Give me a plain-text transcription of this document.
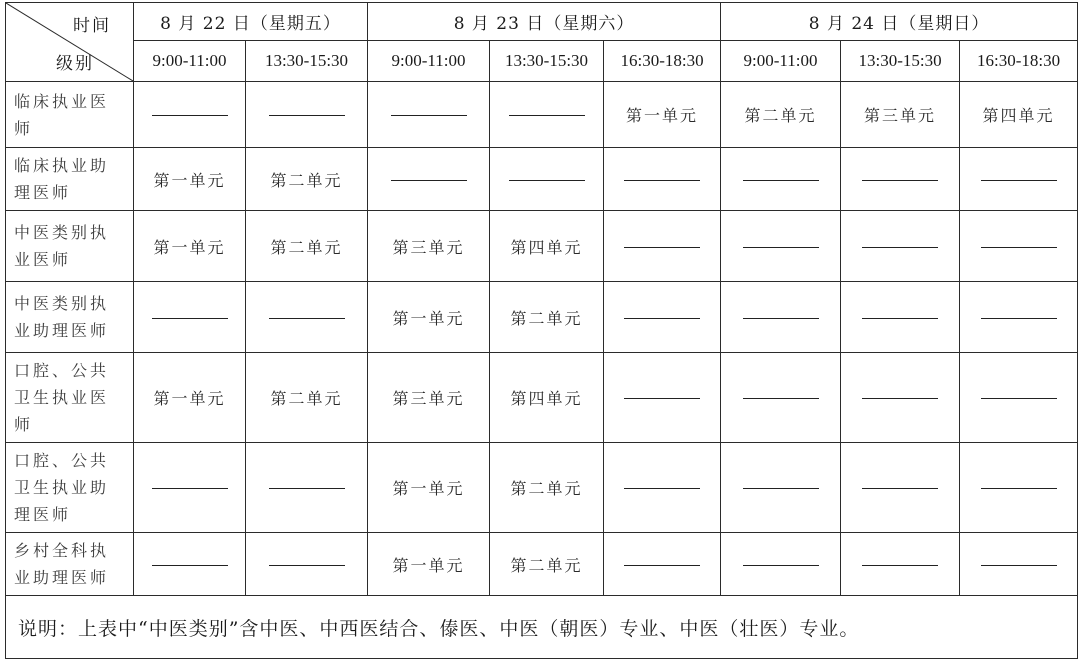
时间
级别	8 月 22 日（星期五）		8 月 23 日（星期六）			8 月 24 日（星期日）		
	9:00-11:00	13:30-15:30	9:00-11:00	13:30-15:30	16:30-18:30	9:00-11:00	13:30-15:30	16:30-18:30
临床执业医师					第一单元	第二单元	第三单元	第四单元
临床执业助理医师	第一单元	第二单元						
中医类别执业医师	第一单元	第二单元	第三单元	第四单元				
中医类别执业助理医师			第一单元	第二单元				
口腔、公共卫生执业医师	第一单元	第二单元	第三单元	第四单元				
口腔、公共卫生执业助理医师			第一单元	第二单元				
乡村全科执业助理医师			第一单元	第二单元				
说明：上表中“中医类别”含中医、中西医结合、傣医、中医（朝医）专业、中医（壮医）专业。								
